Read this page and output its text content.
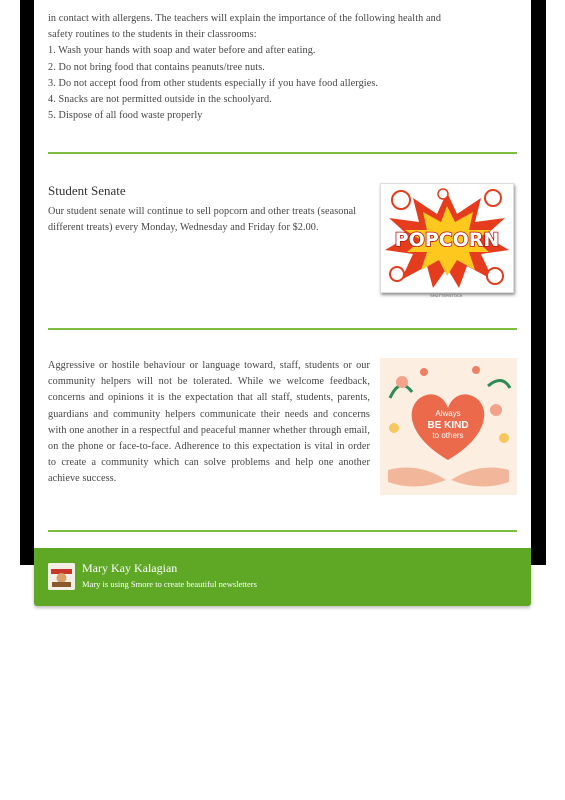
in contact with allergens. The teachers will explain the importance of the following health and

safety routines to the students in their classrooms:

1. Wash your hands with soap and water before and after eating.

2. Do not bring food that contains peanuts/tree nuts.

3. Do not accept food from other students especially if you have food allergies.

4. Snacks are not permitted outside in the schoolyard.

5. Dispose of all food waste properly

Student Senate
Our student senate will continue to sell popcorn and other treats (seasonal different treats) every Monday, Wednesday and Friday for $2.00.
POPCORN
SHUTTERSTOCK
Aggressive or hostile behaviour or language toward, staff, students or our community helpers will not be tolerated. While we welcome feedback, concerns and opinions it is the expectation that all staff, students, parents, guardians and community helpers communicate their needs and concerns with one another in a respectful and peaceful manner whether through email, on the phone or face-to-face. Adherence to this expectation is vital in order to create a community which can solve problems and help one another achieve success.
Always
BE KIND
to others
Mary Kay Kalagian
Mary is using Smore to create beautiful newsletters
